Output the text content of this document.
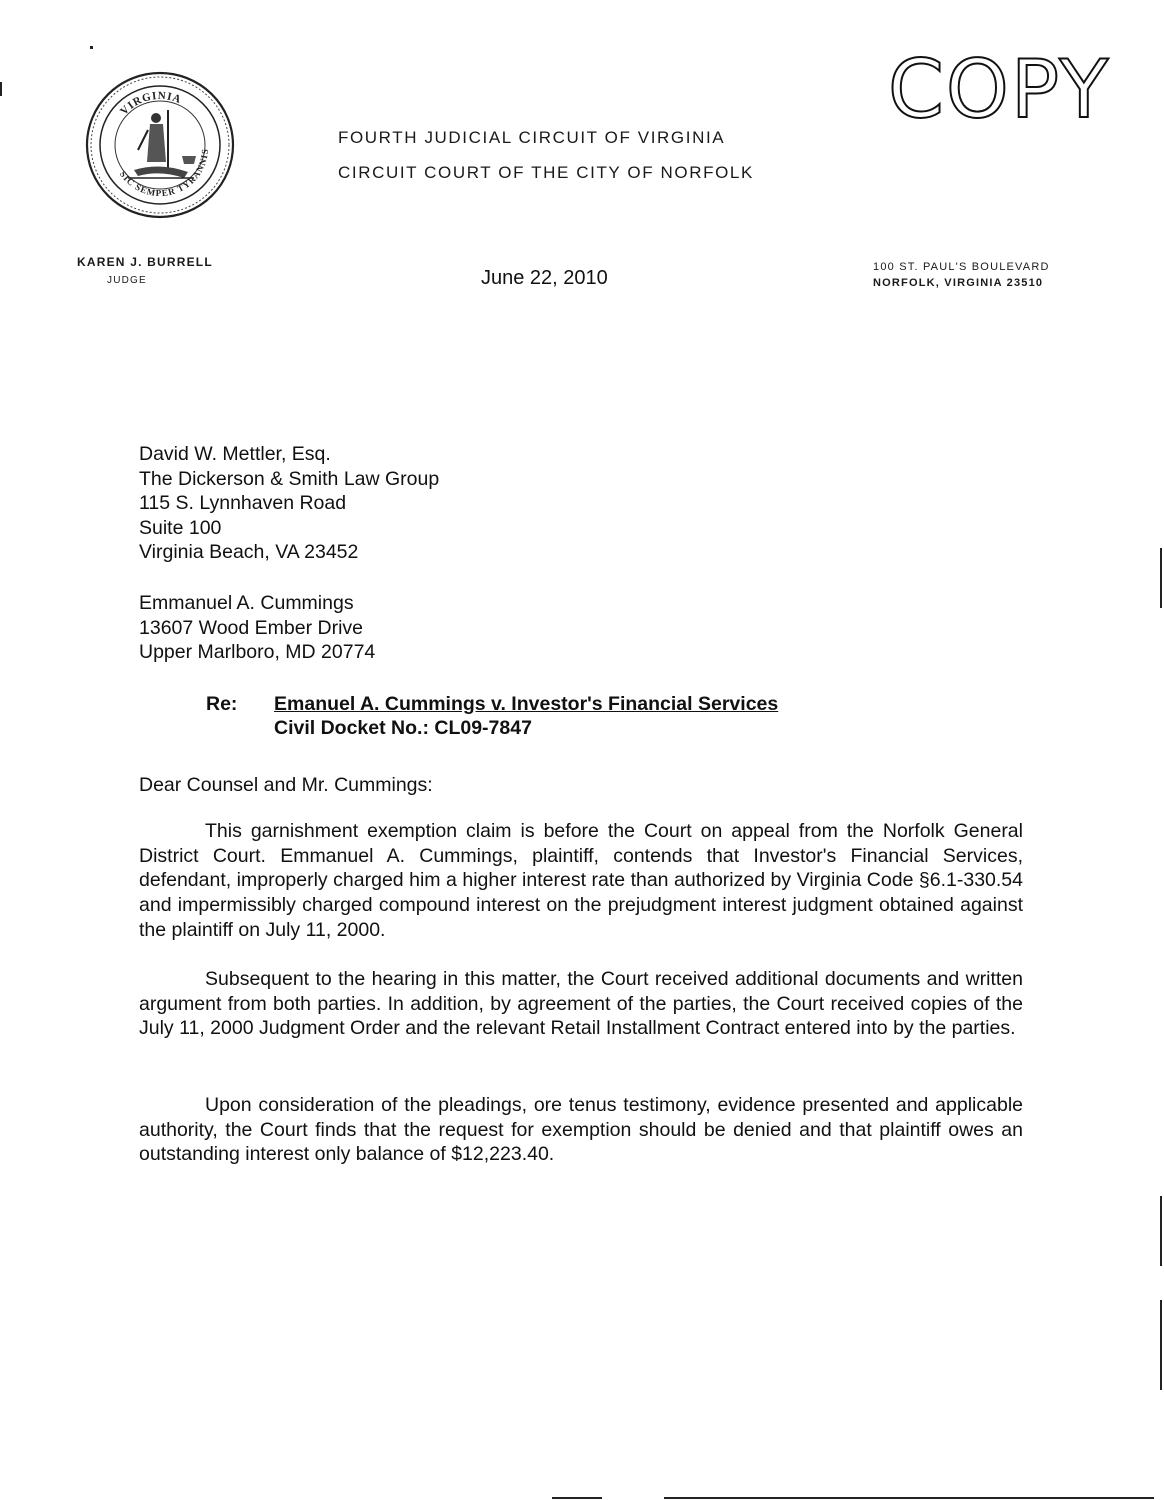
VIRGINIA
SIC SEMPER TYRANNIS
COPY
FOURTH JUDICIAL CIRCUIT OF VIRGINIA
CIRCUIT COURT OF THE CITY OF NORFOLK
KAREN J. BURRELL
JUDGE	June 22, 2010	100 ST. PAUL'S BOULEVARD
NORFOLK, VIRGINIA 23510
David W. Mettler, Esq.
The Dickerson & Smith Law Group
115 S. Lynnhaven Road
Suite 100
Virginia Beach, VA 23452
Emmanuel A. Cummings
13607 Wood Ember Drive
Upper Marlboro, MD 20774
Re: Emanuel A. Cummings v. Investor's Financial Services
Civil Docket No.: CL09-7847
Dear Counsel and Mr. Cummings:
This garnishment exemption claim is before the Court on appeal from the Norfolk General District Court. Emmanuel A. Cummings, plaintiff, contends that Investor's Financial Services, defendant, improperly charged him a higher interest rate than authorized by Virginia Code §6.1-330.54 and impermissibly charged compound interest on the prejudgment interest judgment obtained against the plaintiff on July 11, 2000.
Subsequent to the hearing in this matter, the Court received additional documents and written argument from both parties. In addition, by agreement of the parties, the Court received copies of the July 11, 2000 Judgment Order and the relevant Retail Installment Contract entered into by the parties.
Upon consideration of the pleadings, ore tenus testimony, evidence presented and applicable authority, the Court finds that the request for exemption should be denied and that plaintiff owes an outstanding interest only balance of $12,223.40.
